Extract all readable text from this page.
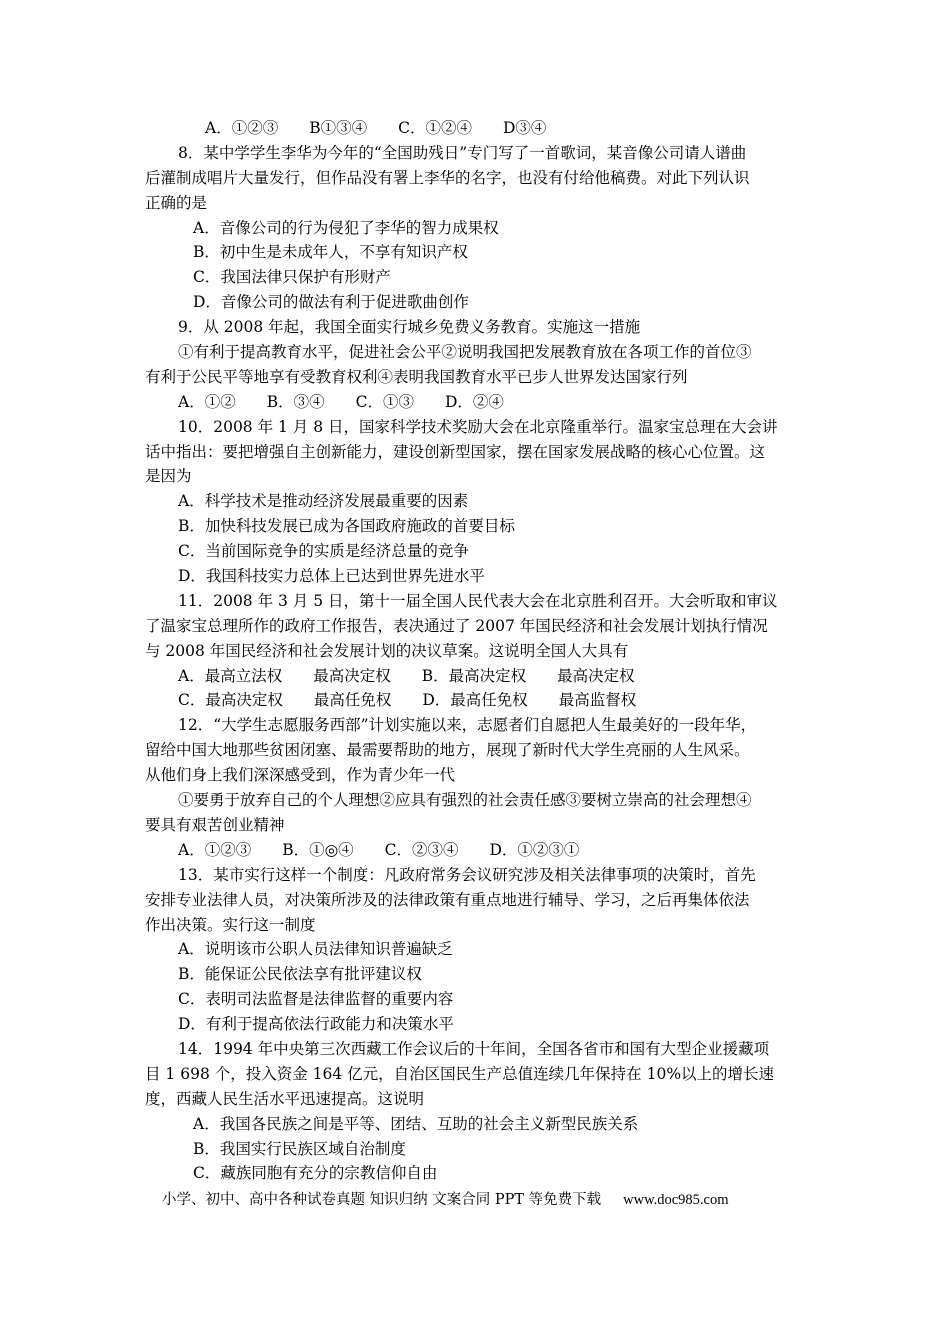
A．①②③　　B①③④　　C．①②④　　D③④
8．某中学学生李华为今年的“全国助残日”专门写了一首歌词，某音像公司请人谱曲
后灌制成唱片大量发行，但作品没有署上李华的名字，也没有付给他稿费。对此下列认识
正确的是
A．音像公司的行为侵犯了李华的智力成果权
B．初中生是未成年人，不享有知识产权
C．我国法律只保护有形财产
D．音像公司的做法有利于促进歌曲创作
9．从 2008 年起，我国全面实行城乡免费义务教育。实施这一措施
①有利于提高教育水平，促进社会公平②说明我国把发展教育放在各项工作的首位③
有利于公民平等地享有受教育权利④表明我国教育水平已步人世界发达国家行列
A．①②　　B．③④　　C．①③　　D．②④
10．2008 年 1 月 8 日，国家科学技术奖励大会在北京隆重举行。温家宝总理在大会讲
话中指出：要把增强自主创新能力，建设创新型国家，摆在国家发展战略的核心心位置。这
是因为
A．科学技术是推动经济发展最重要的因素
B．加快科技发展已成为各国政府施政的首要目标
C．当前国际竞争的实质是经济总量的竞争
D．我国科技实力总体上已达到世界先进水平
11．2008 年 3 月 5 日，第十一届全国人民代表大会在北京胜利召开。大会听取和审议
了温家宝总理所作的政府工作报告，表决通过了 2007 年国民经济和社会发展计划执行情况
与 2008 年国民经济和社会发展计划的决议草案。这说明全国人大具有
A．最高立法权　　最高决定权　　B．最高决定权　　最高决定权
C．最高决定权　　最高任免权　　D．最高任免权　　最高监督权
12．“大学生志愿服务西部”计划实施以来，志愿者们自愿把人生最美好的一段年华，
留给中国大地那些贫困闭塞、最需要帮助的地方，展现了新时代大学生亮丽的人生风采。
从他们身上我们深深感受到，作为青少年一代
①要勇于放弃自己的个人理想②应具有强烈的社会责任感③要树立崇高的社会理想④
要具有艰苦创业精神
A．①②③　　B．①◎④　　C．②③④　　D．①②③①
13．某市实行这样一个制度：凡政府常务会议研究涉及相关法律事项的决策时，首先
安排专业法律人员，对决策所涉及的法律政策有重点地进行辅导、学习，之后再集体依法
作出决策。实行这一制度
A．说明该市公职人员法律知识普遍缺乏
B．能保证公民依法享有批评建议权
C．表明司法监督是法律监督的重要内容
D．有利于提高依法行政能力和决策水平
14．1994 年中央第三次西藏工作会议后的十年间，全国各省市和国有大型企业援藏项
目 1 698 个，投入资金 164 亿元，自治区国民生产总值连续几年保持在 10%以上的增长速
度，西藏人民生活水平迅速提高。这说明
A．我国各民族之间是平等、团结、互助的社会主义新型民族关系
B．我国实行民族区域自治制度
C．藏族同胞有充分的宗教信仰自由
小学、初中、高中各种试卷真题 知识归纳 文案合同 PPT 等免费下载 www.doc985.com
